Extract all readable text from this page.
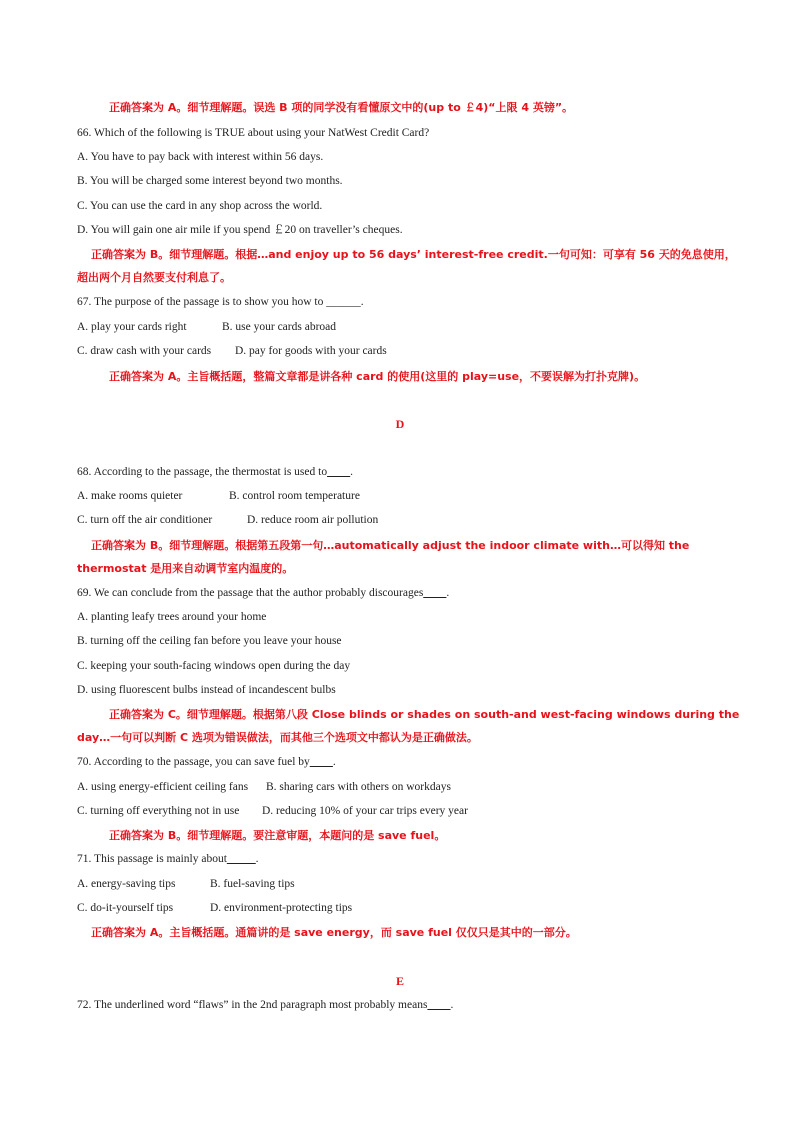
正确答案为 A。细节理解题。误选 B 项的同学没有看懂原文中的(up to ￡4)“上限 4 英镑”。
66. Which of the following is TRUE about using your NatWest Credit Card?
A. You have to pay back with interest within 56 days.
B. You will be charged some interest beyond two months.
C. You can use the card in any shop across the world.
D. You will gain one air mile if you spend ￡20 on traveller’s cheques.
正确答案为 B。细节理解题。根据…and enjoy up to 56 days’ interest-free credit.一句可知：可享有 56 天的免息使用，超出两个月自然要支付利息了。
67. The purpose of the passage is to show you how to ______.
A. play your cards right	B. use your cards abroad
C. draw cash with your cards D. pay for goods with your cards
正确答案为 A。主旨概括题，整篇文章都是讲各种 card 的使用(这里的 play=use，不要误解为打扑克牌)。
D
68. According to the passage, the thermostat is used to____.
A. make rooms quieter	B. control room temperature
C. turn off the air conditioner	D. reduce room air pollution
正确答案为 B。细节理解题。根据第五段第一句…automatically adjust the indoor climate with…可以得知 the thermostat 是用来自动调节室内温度的。
69. We can conclude from the passage that the author probably discourages____.
A. planting leafy trees around your home
B. turning off the ceiling fan before you leave your house
C. keeping your south-facing windows open during the day
D. using fluorescent bulbs instead of incandescent bulbs
正确答案为 C。细节理解题。根据第八段 Close blinds or shades on south-and west-facing windows during the day…一句可以判断 C 选项为错误做法，而其他三个选项文中都认为是正确做法。
70. According to the passage, you can save fuel by____.
A. using energy-efficient ceiling fans B. sharing cars with others on workdays
C. turning off everything not in use D. reducing 10% of your car trips every year
正确答案为 B。细节理解题。要注意审题，本题问的是 save fuel。
71. This passage is mainly about_____.
A. energy-saving tips	B. fuel-saving tips
C. do-it-yourself tips	D. environment-protecting tips
正确答案为 A。主旨概括题。通篇讲的是 save energy，而 save fuel 仅仅只是其中的一部分。
E
72. The underlined word “flaws” in the 2nd paragraph most probably means____.
